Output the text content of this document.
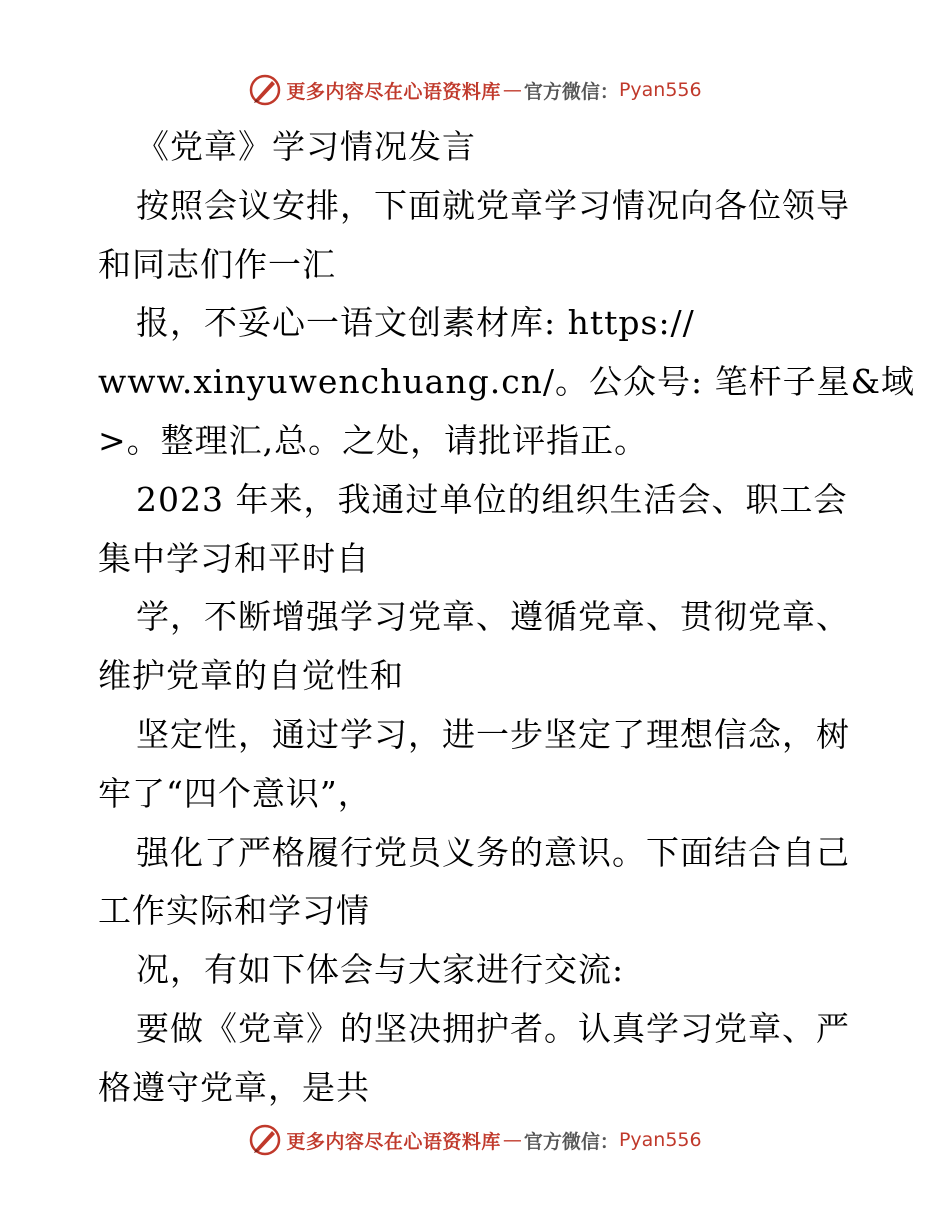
更多内容尽在心语资料库 — 官方微信： Pyan556
《党章》学习情况发言
按照会议安排，下面就党章学习情况向各位领导
和同志们作一汇
报，不妥心一语文创素材库: https://
www.xinyuwenchuang.cn/。公众号: 笔杆子星&域
>。整理汇,总。之处，请批评指正。
2023 年来，我通过单位的组织生活会、职工会
集中学习和平时自
学，不断增强学习党章、遵循党章、贯彻党章、
维护党章的自觉性和
坚定性，通过学习，进一步坚定了理想信念，树
牢了“四个意识”，
强化了严格履行党员义务的意识。下面结合自己
工作实际和学习情
况，有如下体会与大家进行交流:
要做《党章》的坚决拥护者。认真学习党章、严
格遵守党章，是共
更多内容尽在心语资料库 — 官方微信： Pyan556
